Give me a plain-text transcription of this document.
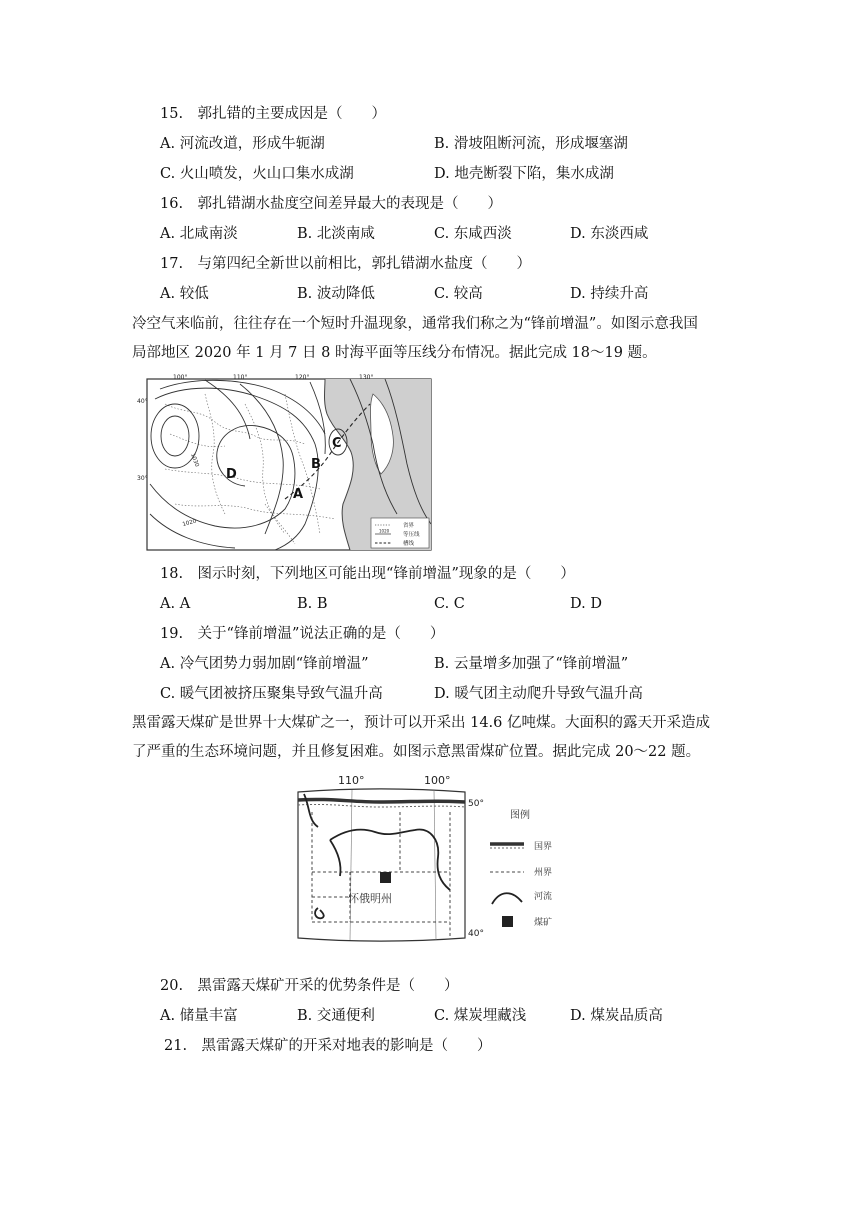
15.　郭扎错的主要成因是（　　）
A. 河流改道，形成牛轭湖	B. 滑坡阻断河流，形成堰塞湖
C. 火山喷发，火山口集水成湖	D. 地壳断裂下陷，集水成湖
16.　郭扎错湖水盐度空间差异最大的表现是（　　）
A. 北咸南淡	B. 北淡南咸	C. 东咸西淡	D. 东淡西咸
17.　与第四纪全新世以前相比，郭扎错湖水盐度（　　）
A. 较低	B. 波动降低	C. 较高	D. 持续升高
冷空气来临前，往往存在一个短时升温现象，通常我们称之为“锋前增温”。如图示意我国
局部地区 2020 年 1 月 7 日 8 时海平面等压线分布情况。据此完成 18～19 题。
100°	110°	120°	130°
40°
30°
1030
1020
A
B
C
D
省界
1020
等压线
槽线
18.　图示时刻，下列地区可能出现“锋前增温”现象的是（　　）
A. A	B. B	C. C	D. D
19.　关于“锋前增温”说法正确的是（　　）
A. 冷气团势力弱加剧“锋前增温”	B. 云量增多加强了“锋前增温”
C. 暖气团被挤压聚集导致气温升高	D. 暖气团主动爬升导致气温升高
黑雷露天煤矿是世界十大煤矿之一，预计可以开采出 14.6 亿吨煤。大面积的露天开采造成
了严重的生态环境问题，并且修复困难。如图示意黑雷煤矿位置。据此完成 20～22 题。
110°	100°
怀俄明州
50°
40°
图例
国界
州界
河流
煤矿
20.　黑雷露天煤矿开采的优势条件是（　　）
A. 储量丰富	B. 交通便利	C. 煤炭埋藏浅	D. 煤炭品质高
21.　黑雷露天煤矿的开采对地表的影响是（　　）
